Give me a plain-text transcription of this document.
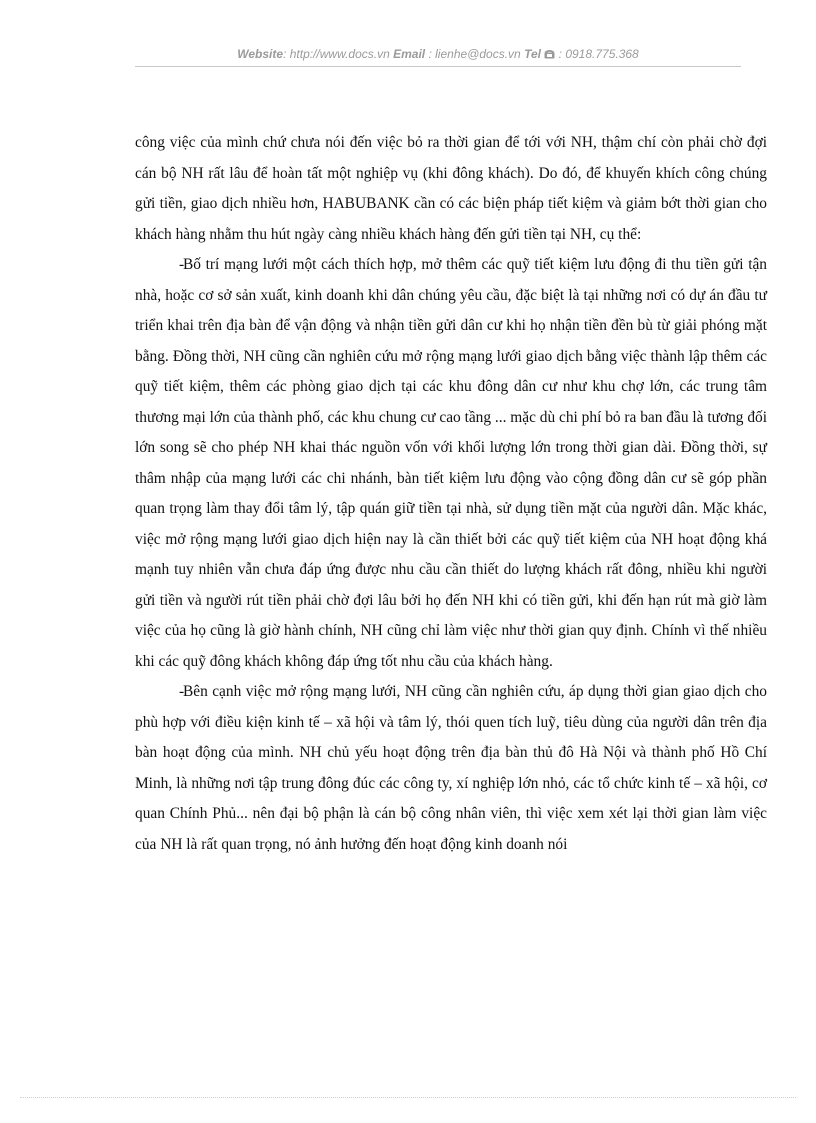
Website: http://www.docs.vn Email : lienhe@docs.vn Tel : 0918.775.368

công việc của mình chứ chưa nói đến việc bỏ ra thời gian để tới với NH, thậm chí còn phải chờ đợi cán bộ NH rất lâu để hoàn tất một nghiệp vụ (khi đông khách). Do đó, để khuyến khích công chúng gửi tiền, giao dịch nhiều hơn, HABUBANK cần có các biện pháp tiết kiệm và giảm bớt thời gian cho khách hàng nhằm thu hút ngày càng nhiều khách hàng đến gửi tiền tại NH, cụ thể:

-Bố trí mạng lưới một cách thích hợp, mở thêm các quỹ tiết kiệm lưu động đi thu tiền gửi tận nhà, hoặc cơ sở sản xuất, kinh doanh khi dân chúng yêu cầu, đặc biệt là tại những nơi có dự án đầu tư triển khai trên địa bàn để vận động và nhận tiền gửi dân cư khi họ nhận tiền đền bù từ giải phóng mặt bằng. Đồng thời, NH cũng cần nghiên cứu mở rộng mạng lưới giao dịch bằng việc thành lập thêm các quỹ tiết kiệm, thêm các phòng giao dịch tại các khu đông dân cư như khu chợ lớn, các trung tâm thương mại lớn của thành phố, các khu chung cư cao tầng ... mặc dù chi phí bỏ ra ban đầu là tương đối lớn song sẽ cho phép NH khai thác nguồn vốn với khối lượng lớn trong thời gian dài. Đồng thời, sự thâm nhập của mạng lưới các chi nhánh, bàn tiết kiệm lưu động vào cộng đồng dân cư sẽ góp phần quan trọng làm thay đổi tâm lý, tập quán giữ tiền tại nhà, sử dụng tiền mặt của người dân. Mặc khác, việc mở rộng mạng lưới giao dịch hiện nay là cần thiết bởi các quỹ tiết kiệm của NH hoạt động khá mạnh tuy nhiên vẫn chưa đáp ứng được nhu cầu cần thiết do lượng khách rất đông, nhiều khi người gửi tiền và người rút tiền phải chờ đợi lâu bởi họ đến NH khi có tiền gửi, khi đến hạn rút mà giờ làm việc của họ cũng là giờ hành chính, NH cũng chỉ làm việc như thời gian quy định. Chính vì thế nhiều khi các quỹ đông khách không đáp ứng tốt nhu cầu của khách hàng.

-Bên cạnh việc mở rộng mạng lưới, NH cũng cần nghiên cứu, áp dụng thời gian giao dịch cho phù hợp với điều kiện kinh tế – xã hội và tâm lý, thói quen tích luỹ, tiêu dùng của người dân trên địa bàn hoạt động của mình. NH chủ yếu hoạt động trên địa bàn thủ đô Hà Nội và thành phố Hồ Chí Minh, là những nơi tập trung đông đúc các công ty, xí nghiệp lớn nhỏ, các tổ chức kinh tế – xã hội, cơ quan Chính Phủ... nên đại bộ phận là cán bộ công nhân viên, thì việc xem xét lại thời gian làm việc của NH là rất quan trọng, nó ảnh hưởng đến hoạt động kinh doanh nói
